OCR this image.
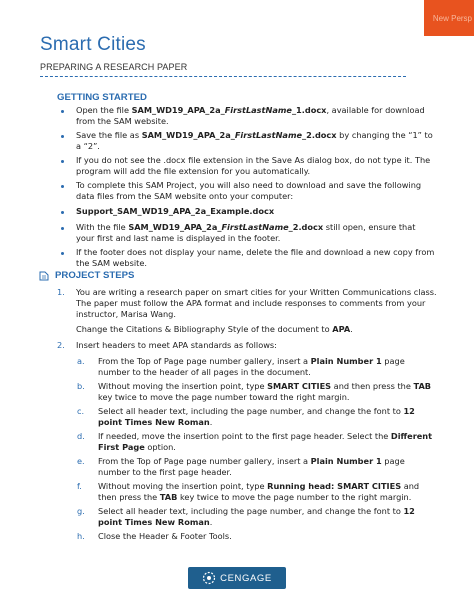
New Persp
Smart Cities
PREPARING A RESEARCH PAPER
GETTING STARTED
Open the file SAM_WD19_APA_2a_FirstLastName_1.docx, available for download
from the SAM website.
Save the file as SAM_WD19_APA_2a_FirstLastName_2.docx by changing the “1” to
a “2”.
If you do not see the .docx file extension in the Save As dialog box, do not type it. The
program will add the file extension for you automatically.
To complete this SAM Project, you will also need to download and save the following
data files from the SAM website onto your computer:
Support_SAM_WD19_APA_2a_Example.docx
With the file SAM_WD19_APA_2a_FirstLastName_2.docx still open, ensure that
your first and last name is displayed in the footer.
If the footer does not display your name, delete the file and download a new copy from
the SAM website.
PROJECT STEPS
1. You are writing a research paper on smart cities for your Written Communications class.
The paper must follow the APA format and include responses to comments from your
instructor, Marisa Wang.
Change the Citations & Bibliography Style of the document to APA.
2. Insert headers to meet APA standards as follows:
a. From the Top of Page page number gallery, insert a Plain Number 1 page
number to the header of all pages in the document.
b. Without moving the insertion point, type SMART CITIES and then press the TAB
key twice to move the page number toward the right margin.
c. Select all header text, including the page number, and change the font to 12
point Times New Roman.
d. If needed, move the insertion point to the first page header. Select the Different
First Page option.
e. From the Top of Page page number gallery, insert a Plain Number 1 page
number to the first page header.
f. Without moving the insertion point, type Running head: SMART CITIES and
then press the TAB key twice to move the page number to the right margin.
g. Select all header text, including the page number, and change the font to 12
point Times New Roman.
h. Close the Header & Footer Tools.
CENGAGE
